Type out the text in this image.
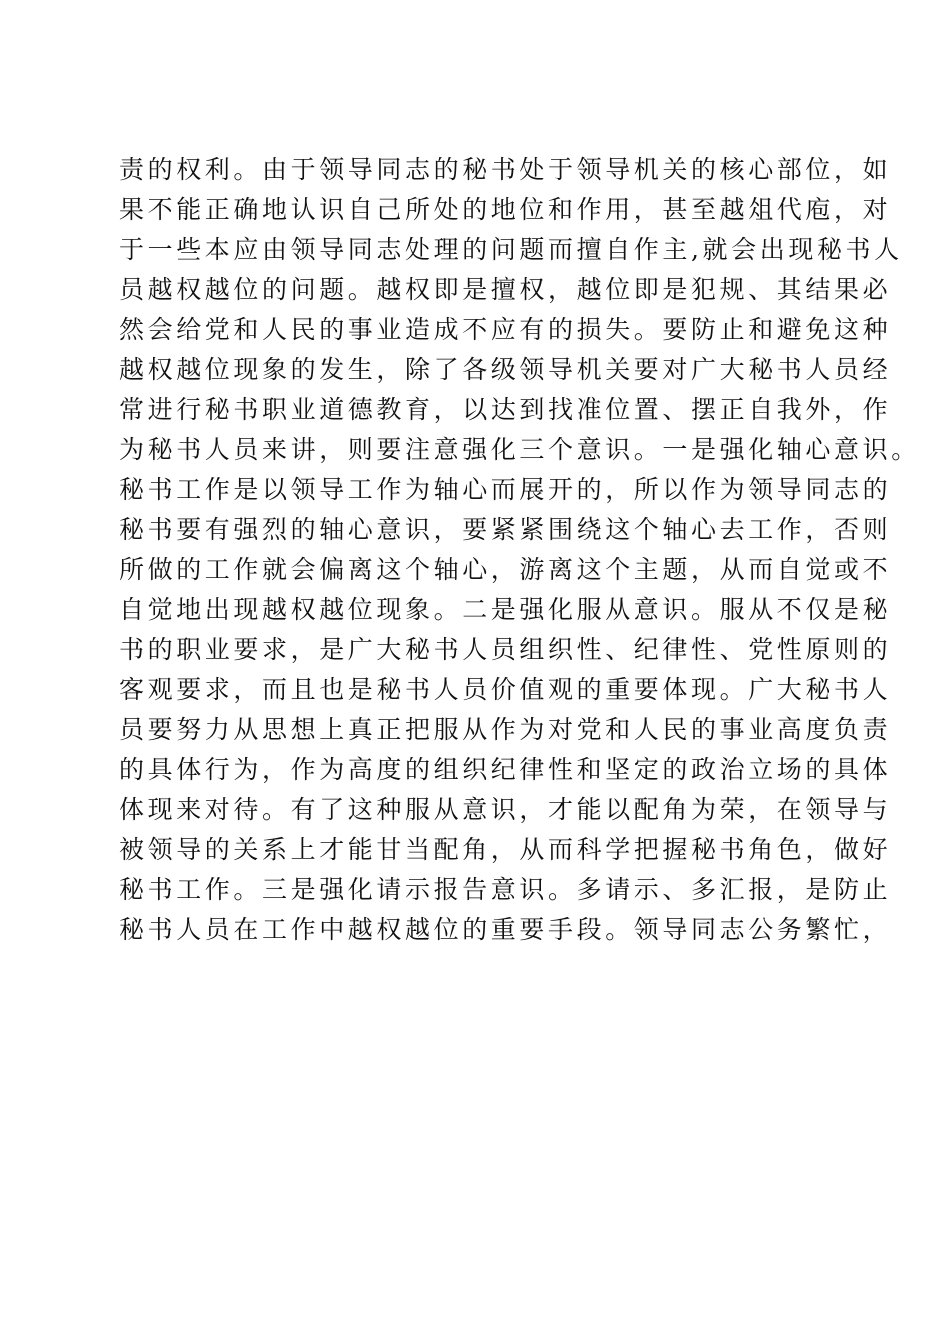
责的权利。由于领导同志的秘书处于领导机关的核心部位，如
果不能正确地认识自己所处的地位和作用，甚至越俎代庖，对
于一些本应由领导同志处理的问题而擅自作主,就会出现秘书人
员越权越位的问题。越权即是擅权，越位即是犯规、其结果必
然会给党和人民的事业造成不应有的损失。要防止和避免这种
越权越位现象的发生，除了各级领导机关要对广大秘书人员经
常进行秘书职业道德教育，以达到找准位置、摆正自我外，作
为秘书人员来讲，则要注意强化三个意识。一是强化轴心意识。
秘书工作是以领导工作为轴心而展开的，所以作为领导同志的
秘书要有强烈的轴心意识，要紧紧围绕这个轴心去工作，否则
所做的工作就会偏离这个轴心，游离这个主题，从而自觉或不
自觉地出现越权越位现象。二是强化服从意识。服从不仅是秘
书的职业要求，是广大秘书人员组织性、纪律性、党性原则的
客观要求，而且也是秘书人员价值观的重要体现。广大秘书人
员要努力从思想上真正把服从作为对党和人民的事业高度负责
的具体行为，作为高度的组织纪律性和坚定的政治立场的具体
体现来对待。有了这种服从意识，才能以配角为荣，在领导与
被领导的关系上才能甘当配角，从而科学把握秘书角色，做好
秘书工作。三是强化请示报告意识。多请示、多汇报，是防止
秘书人员在工作中越权越位的重要手段。领导同志公务繁忙，
